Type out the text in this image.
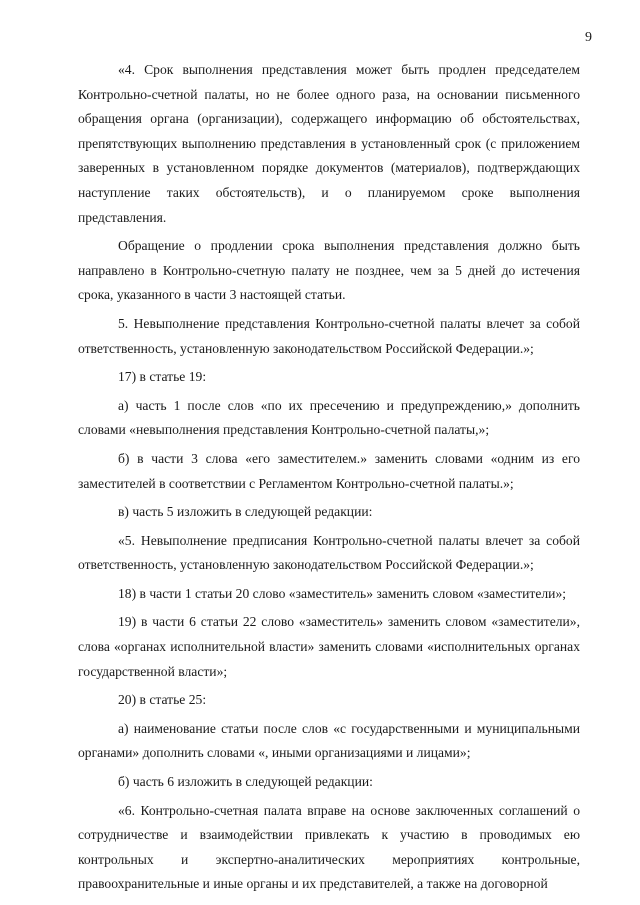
9

«4. Срок выполнения представления может быть продлен председателем Контрольно-счетной палаты, но не более одного раза, на основании письменного обращения органа (организации), содержащего информацию об обстоятельствах, препятствующих выполнению представления в установленный срок (с приложением заверенных в установленном порядке документов (материалов), подтверждающих наступление таких обстоятельств), и о планируемом сроке выполнения представления.

Обращение о продлении срока выполнения представления должно быть направлено в Контрольно-счетную палату не позднее, чем за 5 дней до истечения срока, указанного в части 3 настоящей статьи.

5. Невыполнение представления Контрольно-счетной палаты влечет за собой ответственность, установленную законодательством Российской Федерации.»;

17) в статье 19:

а) часть 1 после слов «по их пресечению и предупреждению,» дополнить словами «невыполнения представления Контрольно-счетной палаты,»;

б) в части 3 слова «его заместителем.» заменить словами «одним из его заместителей в соответствии с Регламентом Контрольно-счетной палаты.»;

в) часть 5 изложить в следующей редакции:

«5. Невыполнение предписания Контрольно-счетной палаты влечет за собой ответственность, установленную законодательством Российской Федерации.»;

18) в части 1 статьи 20 слово «заместитель» заменить словом «заместители»;

19) в части 6 статьи 22 слово «заместитель» заменить словом «заместители», слова «органах исполнительной власти» заменить словами «исполнительных органах государственной власти»;

20) в статье 25:

а) наименование статьи после слов «с государственными и муниципальными органами» дополнить словами «, иными организациями и лицами»;

б) часть 6 изложить в следующей редакции:

«6. Контрольно-счетная палата вправе на основе заключенных соглашений о сотрудничестве и взаимодействии привлекать к участию в проводимых ею контрольных и экспертно-аналитических мероприятиях контрольные, правоохранительные и иные органы и их представителей, а также на договорной
